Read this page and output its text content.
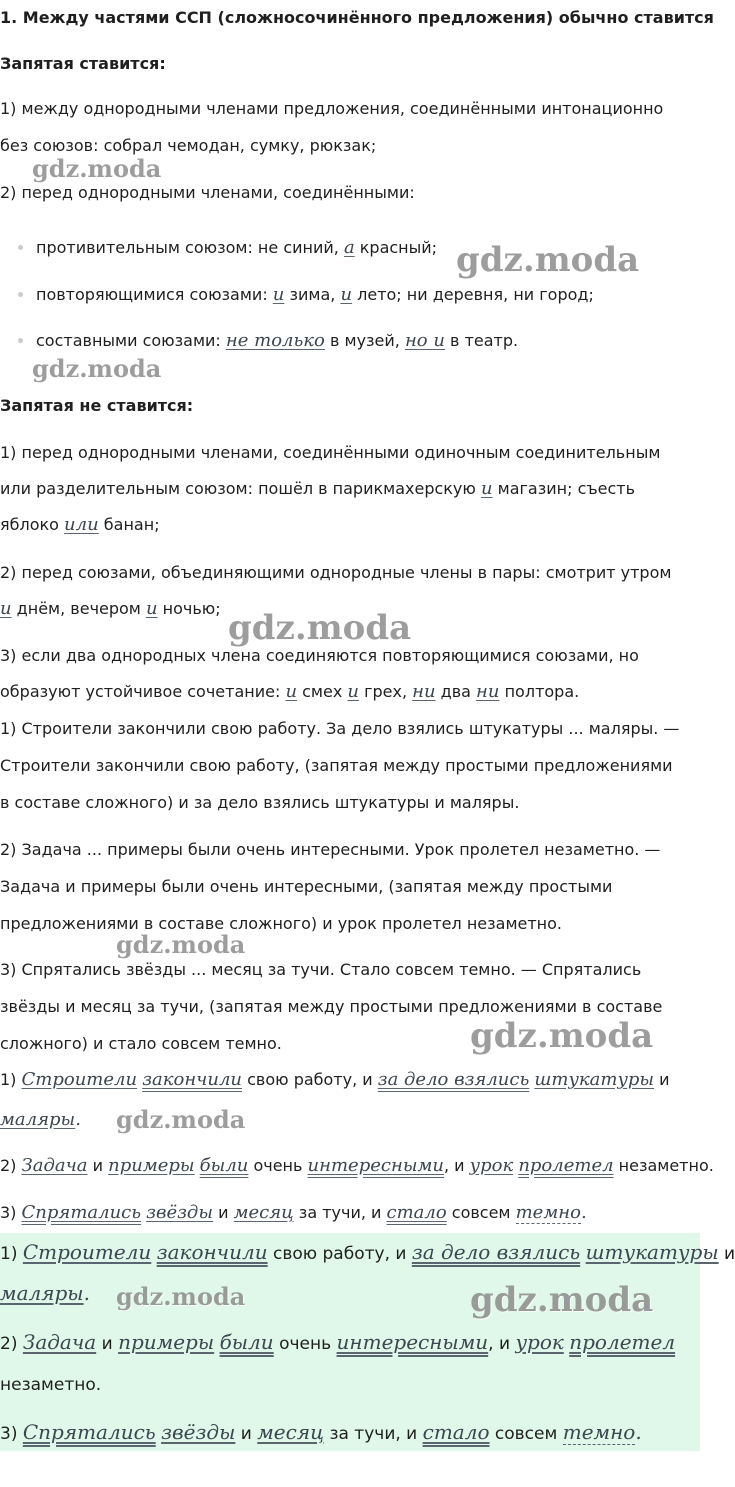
1. Между частями ССП (сложносочинённого предложения) обычно ставится
Запятая ставится:
1) между однородными членами предложения, соединёнными интонационно
без союзов: собрал чемодан, сумку, рюкзак;
2) перед однородными членами, соединёнными:
противительным союзом: не синий, а красный;
повторяющимися союзами: и зима, и лето; ни деревня, ни город;
составными союзами: не только в музей, но и в театр.
Запятая не ставится:
1) перед однородными членами, соединёнными одиночным соединительным
или разделительным союзом: пошёл в парикмахерскую и магазин; съесть
яблоко или банан;
2) перед союзами, объединяющими однородные члены в пары: смотрит утром
и днём, вечером и ночью;
3) если два однородных члена соединяются повторяющимися союзами, но
образуют устойчивое сочетание: и смех и грех, ни два ни полтора.
1) Строители закончили свою работу. За дело взялись штукатуры ... маляры. —
Строители закончили свою работу, (запятая между простыми предложениями
в составе сложного) и за дело взялись штукатуры и маляры.
2) Задача ... примеры были очень интересными. Урок пролетел незаметно. —
Задача и примеры были очень интересными, (запятая между простыми
предложениями в составе сложного) и урок пролетел незаметно.
3) Спрятались звёзды ... месяц за тучи. Стало совсем темно. — Спрятались
звёзды и месяц за тучи, (запятая между простыми предложениями в составе
сложного) и стало совсем темно.
1) Строители закончили свою работу, и за дело взялись штукатуры и
маляры.
2) Задача и примеры были очень интересными, и урок пролетел незаметно.
3) Спрятались звёзды и месяц за тучи, и стало совсем темно.
1) Строители закончили свою работу, и за дело взялись штукатуры и
маляры.
2) Задача и примеры были очень интересными, и урок пролетел
незаметно.
3) Спрятались звёзды и месяц за тучи, и стало совсем темно.
gdz.moda
gdz.moda
gdz.moda
gdz.moda
gdz.moda
gdz.moda
gdz.moda
gdz.moda	gdz.moda
